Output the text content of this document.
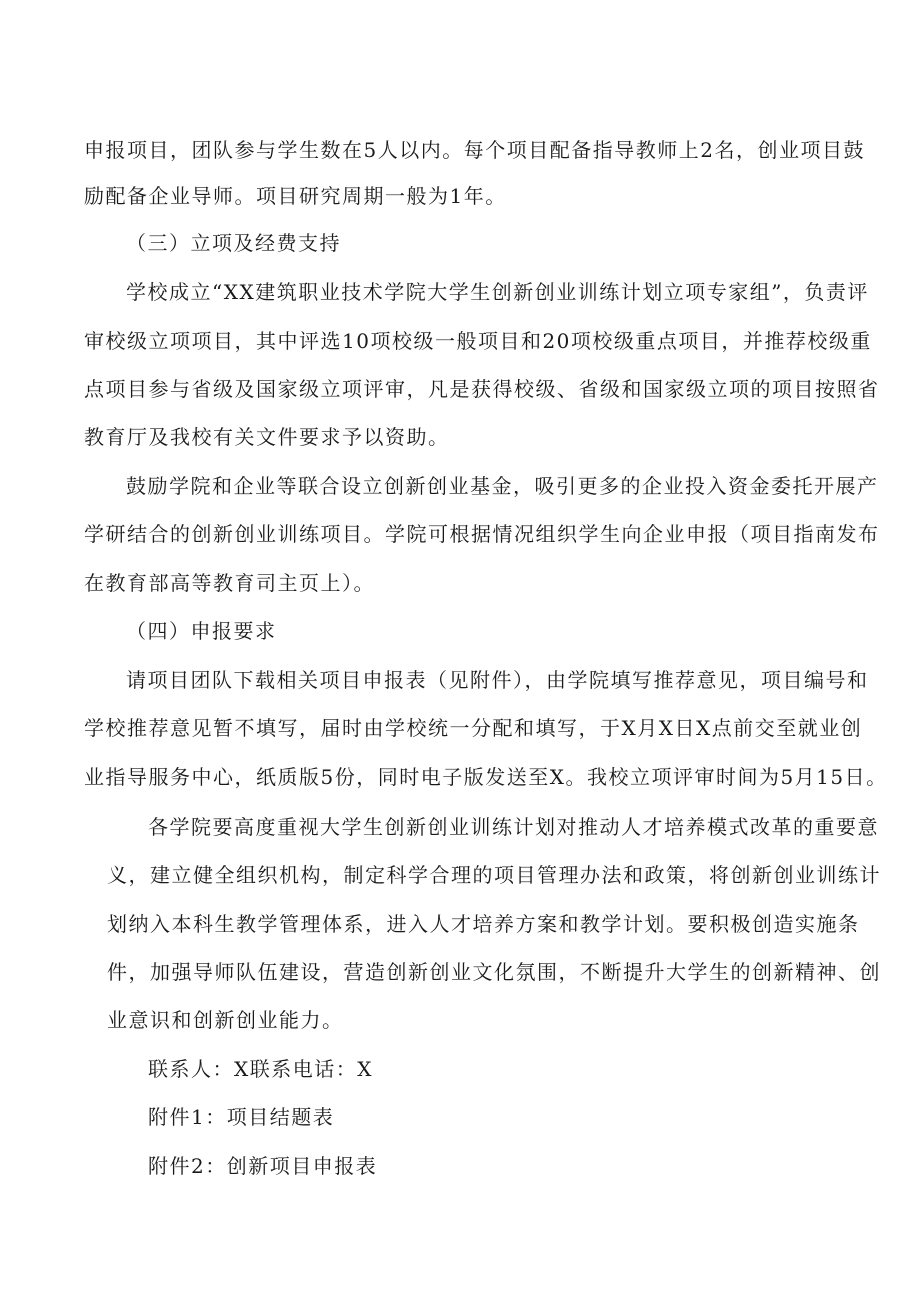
申报项目，团队参与学生数在5人以内。每个项目配备指导教师上2名，创业项目鼓
励配备企业导师。项目研究周期一般为1年。
（三）立项及经费支持
学校成立“XX建筑职业技术学院大学生创新创业训练计划立项专家组”，负责评
审校级立项项目，其中评选10项校级一般项目和20项校级重点项目，并推荐校级重
点项目参与省级及国家级立项评审，凡是获得校级、省级和国家级立项的项目按照省
教育厅及我校有关文件要求予以资助。
鼓励学院和企业等联合设立创新创业基金，吸引更多的企业投入资金委托开展产
学研结合的创新创业训练项目。学院可根据情况组织学生向企业申报（项目指南发布
在教育部高等教育司主页上）。
（四）申报要求
请项目团队下载相关项目申报表（见附件），由学院填写推荐意见，项目编号和
学校推荐意见暂不填写，届时由学校统一分配和填写，于X月X日X点前交至就业创
业指导服务中心，纸质版5份，同时电子版发送至X。我校立项评审时间为5月15日。
各学院要高度重视大学生创新创业训练计划对推动人才培养模式改革的重要意
义，建立健全组织机构，制定科学合理的项目管理办法和政策，将创新创业训练计
划纳入本科生教学管理体系，进入人才培养方案和教学计划。要积极创造实施条
件，加强导师队伍建设，营造创新创业文化氛围，不断提升大学生的创新精神、创
业意识和创新创业能力。
联系人：X联系电话：X
附件1：项目结题表
附件2：创新项目申报表
